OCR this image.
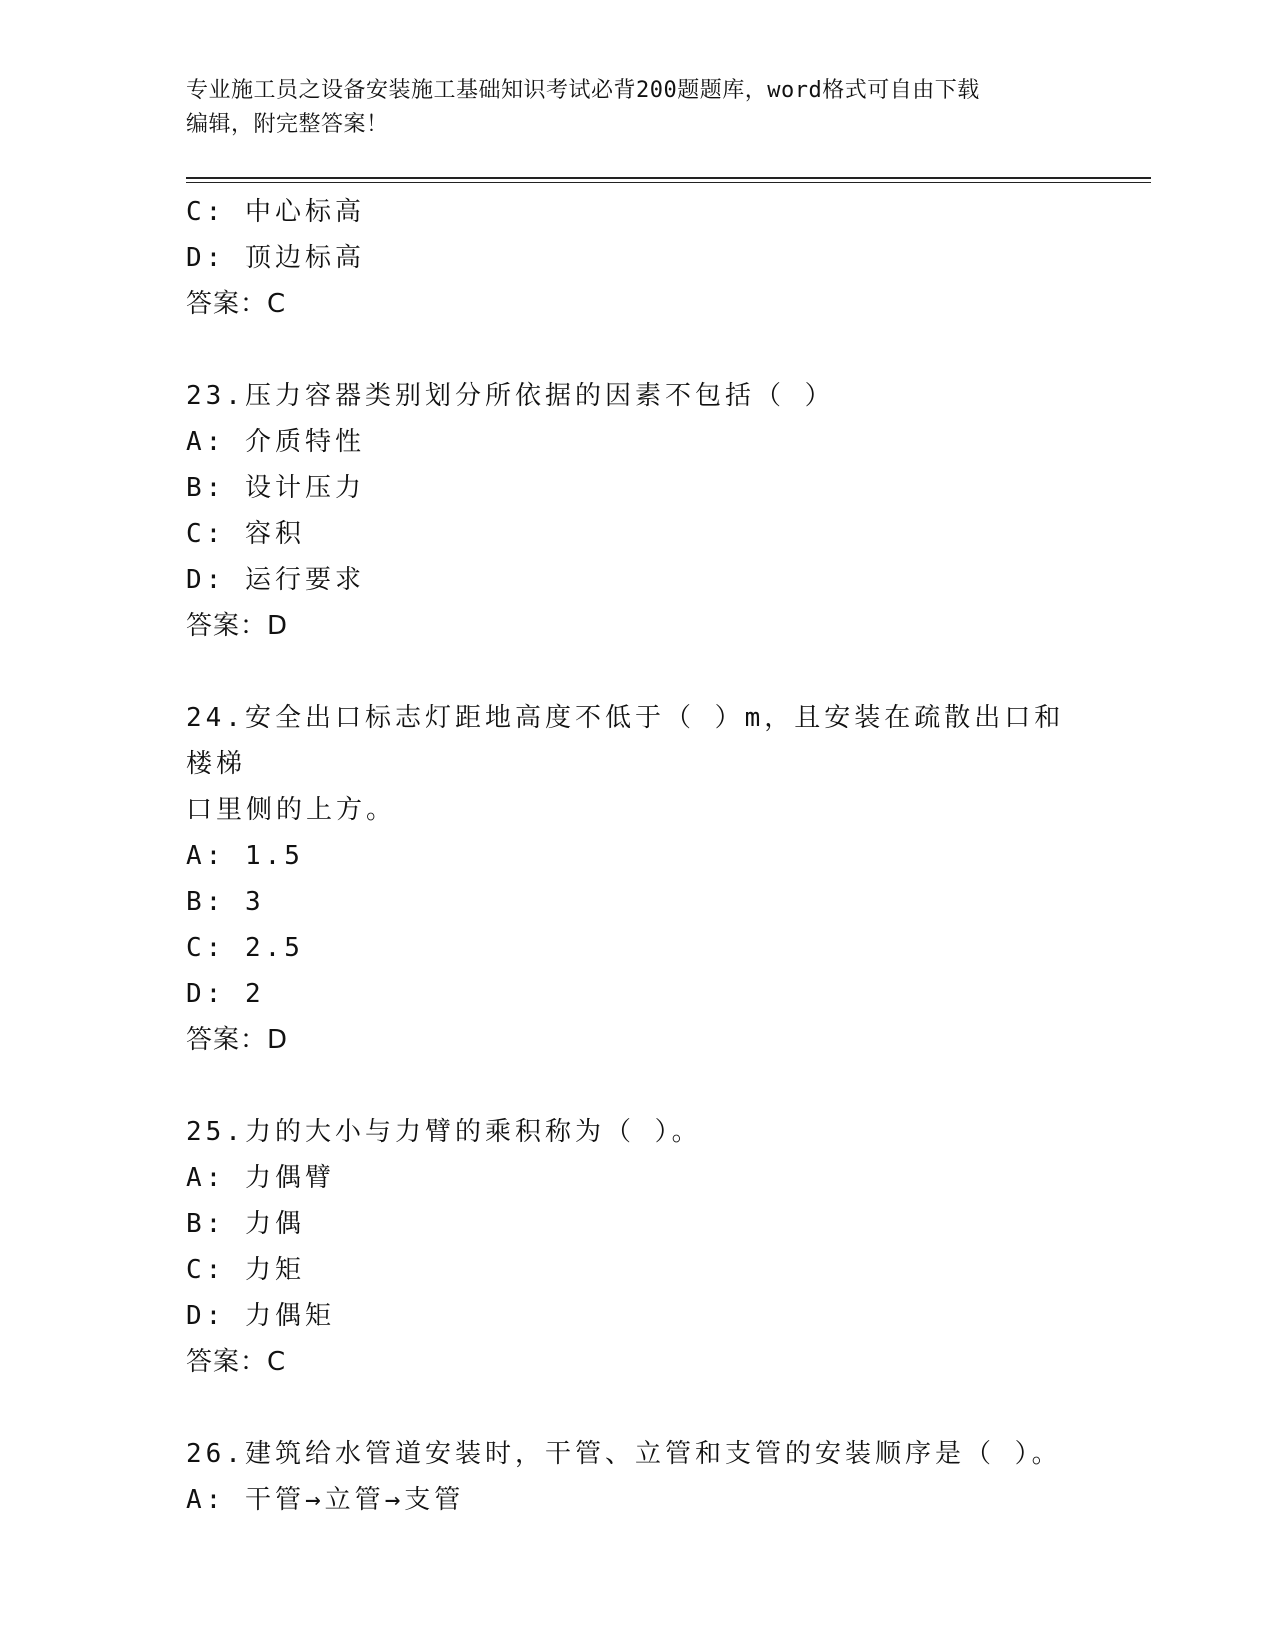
专业施工员之设备安装施工基础知识考试必背200题题库，word格式可自由下载
编辑，附完整答案！
C: 中心标高
D: 顶边标高
答案：C
23.压力容器类别划分所依据的因素不包括（ ）
A: 介质特性
B: 设计压力
C: 容积
D: 运行要求
答案：D
24.安全出口标志灯距地高度不低于（ ）m，且安装在疏散出口和楼梯
口里侧的上方。
A: 1.5
B: 3
C: 2.5
D: 2
答案：D
25.力的大小与力臂的乘积称为（ ）。
A: 力偶臂
B: 力偶
C: 力矩
D: 力偶矩
答案：C
26.建筑给水管道安装时，干管、立管和支管的安装顺序是（ ）。
A: 干管→立管→支管
